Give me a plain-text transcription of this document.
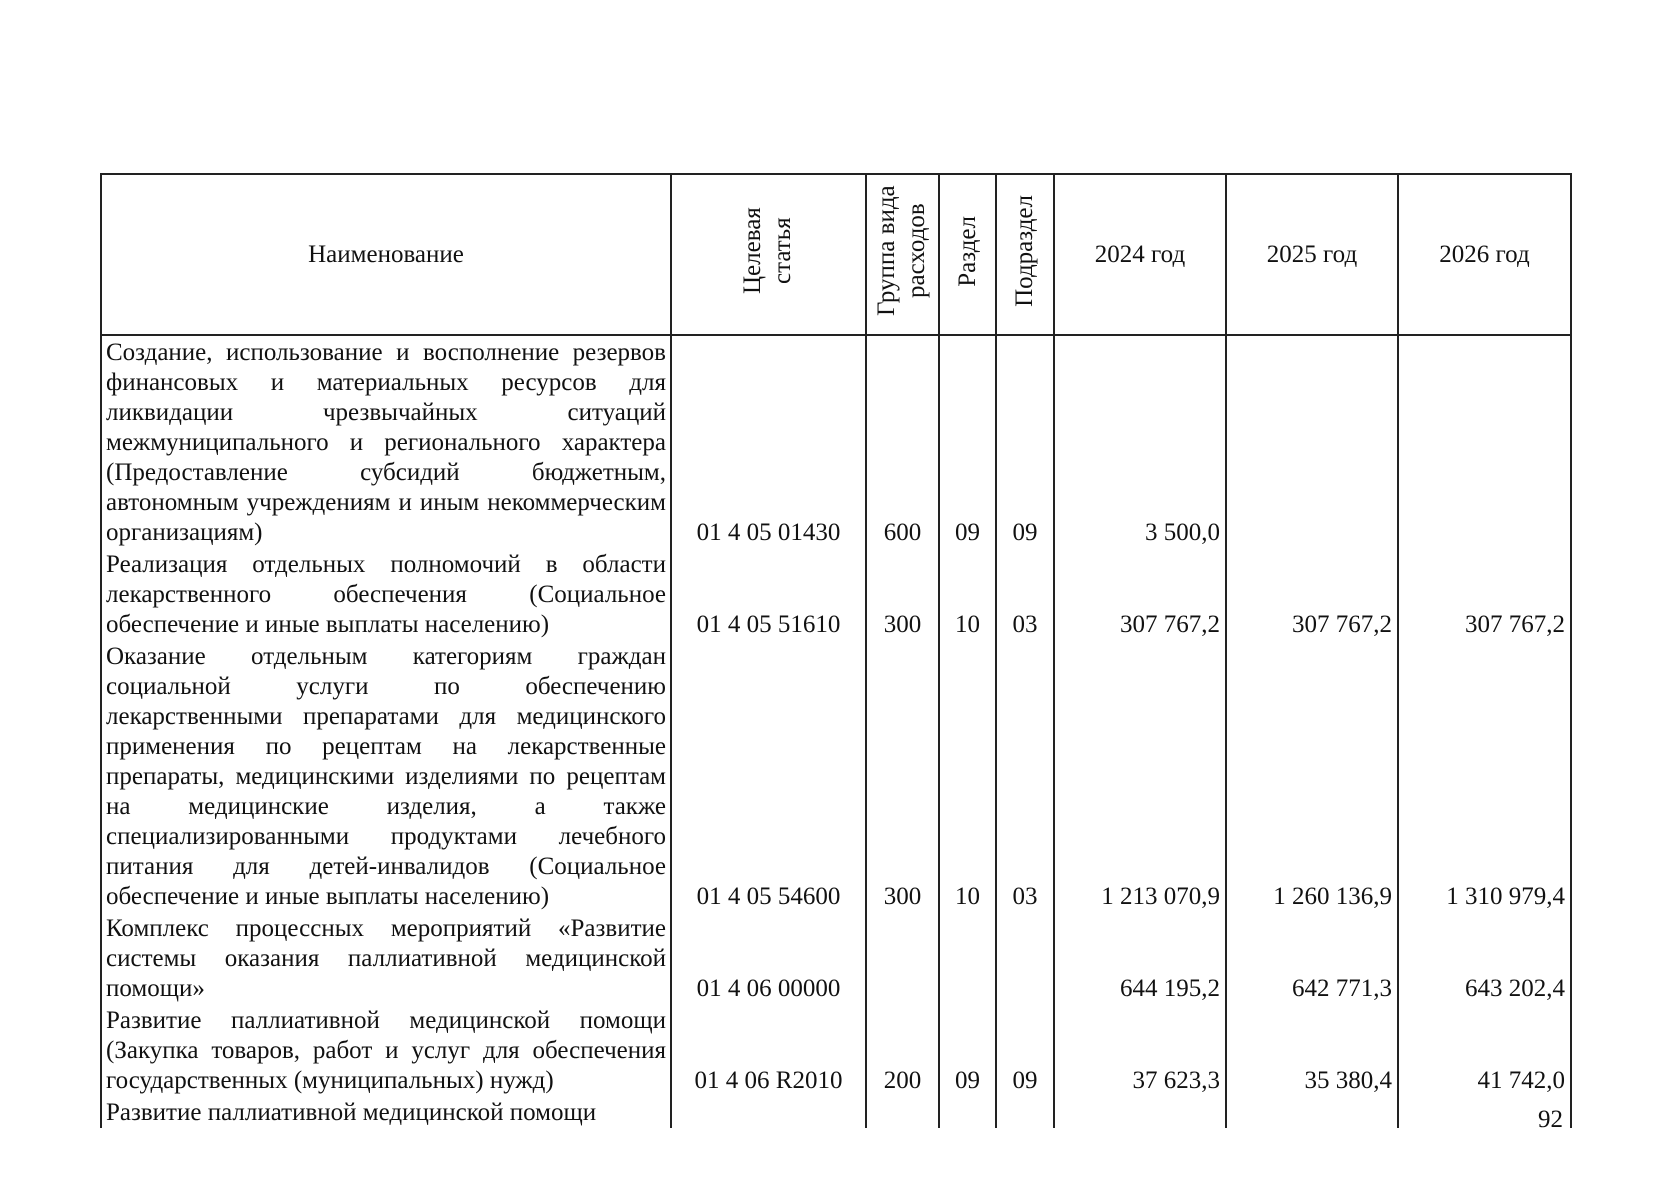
Наименование	Целевая статья	Группа вида расходов	Раздел	Подраздел	2024 год	2025 год	2026 год
Создание, использование и восполнение резервов финансовых и материальных ресурсов для ликвидации чрезвычайных ситуаций межмуниципального и регионального характера (Предоставление субсидий бюджетным, автономным учреждениям и иным некоммерческим организациям)	01 4 05 01430	600	09	09	3 500,0		
Реализация отдельных полномочий в области лекарственного обеспечения (Социальное обеспечение и иные выплаты населению)	01 4 05 51610	300	10	03	307 767,2	307 767,2	307 767,2
Оказание отдельным категориям граждан социальной услуги по обеспечению лекарственными препаратами для медицинского применения по рецептам на лекарственные препараты, медицинскими изделиями по рецептам на медицинские изделия, а также специализированными продуктами лечебного питания для детей-инвалидов (Социальное обеспечение и иные выплаты населению)	01 4 05 54600	300	10	03	1 213 070,9	1 260 136,9	1 310 979,4
Комплекс процессных мероприятий «Развитие системы оказания паллиативной медицинской помощи»	01 4 06 00000				644 195,2	642 771,3	643 202,4
Развитие паллиативной медицинской помощи (Закупка товаров, работ и услуг для обеспечения государственных (муниципальных) нужд)	01 4 06 R2010	200	09	09	37 623,3	35 380,4	41 742,0
Развитие паллиативной медицинской помощи								92
